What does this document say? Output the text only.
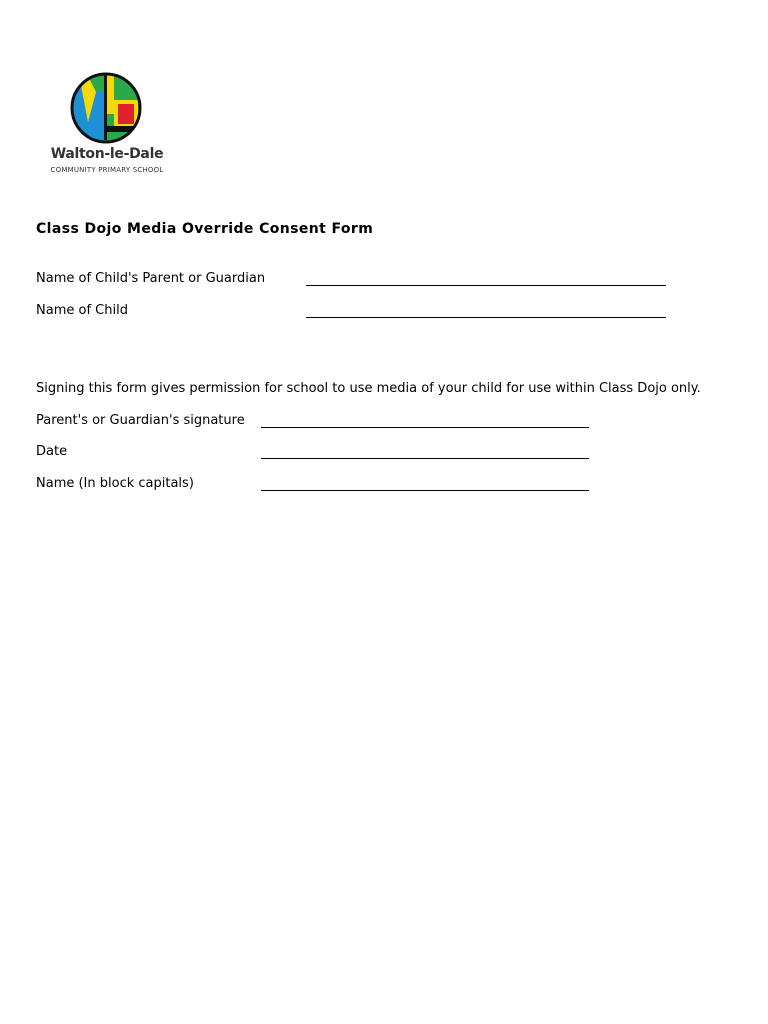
Walton-le-Dale
COMMUNITY PRIMARY SCHOOL
Class Dojo Media Override Consent Form
Name of Child's Parent or Guardian
Name of Child
Signing this form gives permission for school to use media of your child for use within Class Dojo only.
Parent's or Guardian's signature
Date
Name (In block capitals)
